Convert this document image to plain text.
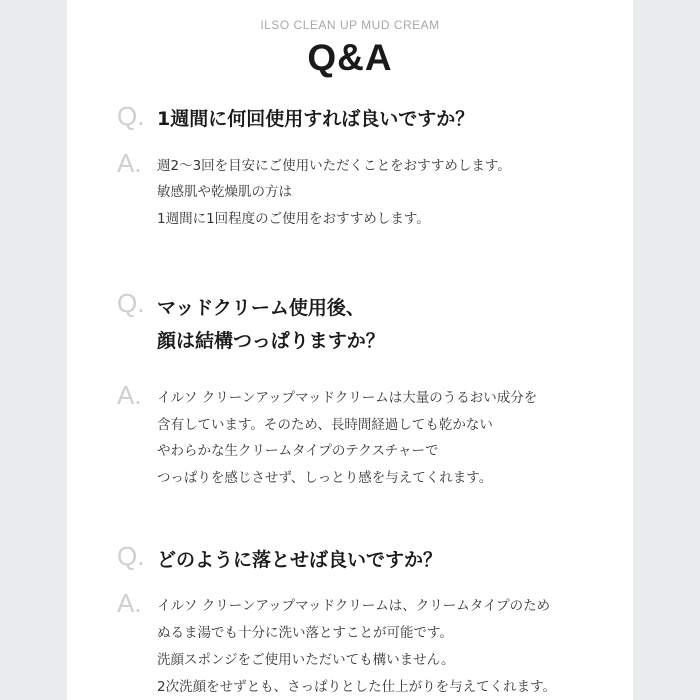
ILSO CLEAN UP MUD CREAM
Q&A
Q. 1週間に何回使用すれば良いですか？
A.	週2〜3回を目安にご使用いただくことをおすすめします。
敏感肌や乾燥肌の方は
1週間に1回程度のご使用をおすすめします。
Q. マッドクリーム使用後、
顔は結構つっぱりますか？
A.	イルソ クリーンアップマッドクリームは大量のうるおい成分を
含有しています。そのため、長時間経過しても乾かない
やわらかな生クリームタイプのテクスチャーで
つっぱりを感じさせず、しっとり感を与えてくれます。
Q. どのように落とせば良いですか？
A.	イルソ クリーンアップマッドクリームは、クリームタイプのため
ぬるま湯でも十分に洗い落とすことが可能です。
洗顔スポンジをご使用いただいても構いません。
2次洗顔をせずとも、さっぱりとした仕上がりを与えてくれます。
